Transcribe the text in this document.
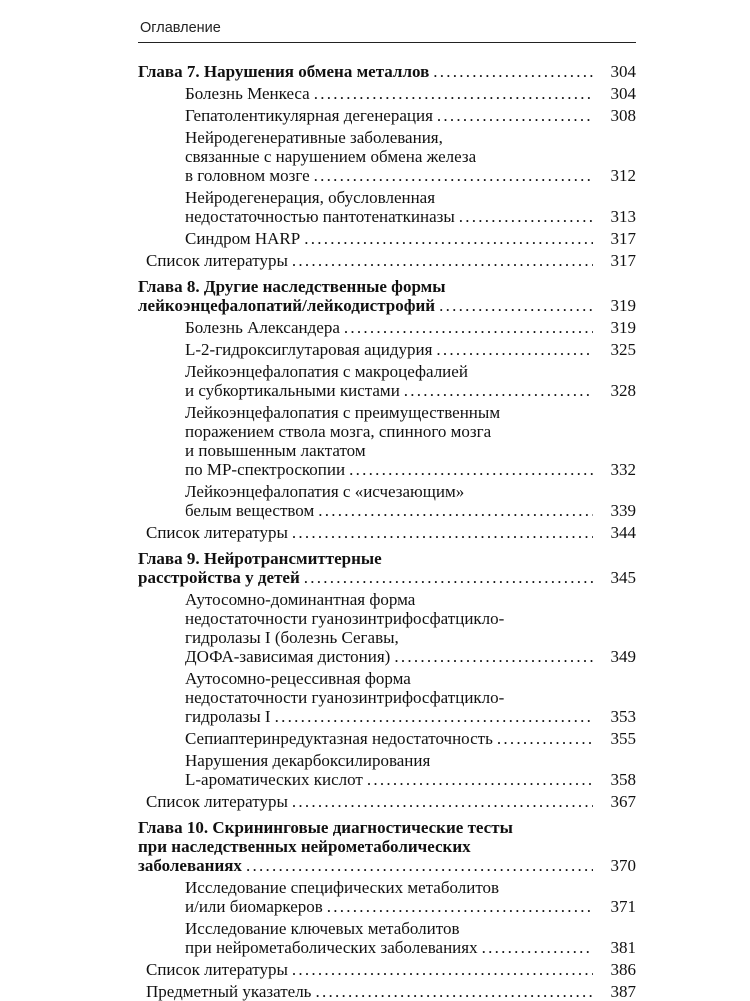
Оглавление
Глава 7. Нарушения обмена металлов . . .	304
Болезнь Менкеса . . .	304
Гепатолентикулярная дегенерация . . .	308
Нейродегенеративные заболевания,
связанные с нарушением обмена железа
в головном мозге . . .	312
Нейродегенерация, обусловленная
недостаточностью пантотенаткиназы . . .	313
Синдром HARP . . .	317
Список литературы . . .	317
Глава 8. Другие наследственные формы
лейкоэнцефалопатий/лейкодистрофий . . .	319
Болезнь Александера . . .	319
L-2-гидроксиглутаровая ацидурия . . .	325
Лейкоэнцефалопатия с макроцефалией
и субкортикальными кистами . . .	328
Лейкоэнцефалопатия с преимущественным
поражением ствола мозга, спинного мозга
и повышенным лактатом
по МР-спектроскопии . . .	332
Лейкоэнцефалопатия с «исчезающим»
белым веществом . . .	339
Список литературы . . .	344
Глава 9. Нейротрансмиттерные
расстройства у детей . . .	345
Аутосомно-доминантная форма
недостаточности гуанозинтрифосфатцикло-
гидролазы I (болезнь Сегавы,
ДОФА-зависимая дистония) . . .	349
Аутосомно-рецессивная форма
недостаточности гуанозинтрифосфатцикло-
гидролазы I . . .	353
Сепиаптеринредуктазная недостаточность . . .	355
Нарушения декарбоксилирования
L-ароматических кислот . . .	358
Список литературы . . .	367
Глава 10. Скрининговые диагностические тесты
при наследственных нейрометаболических
заболеваниях . . .	370
Исследование специфических метаболитов
и/или биомаркеров . . .	371
Исследование ключевых метаболитов
при нейрометаболических заболеваниях . . .	381
Список литературы . . .	386
Предметный указатель . . .	387
